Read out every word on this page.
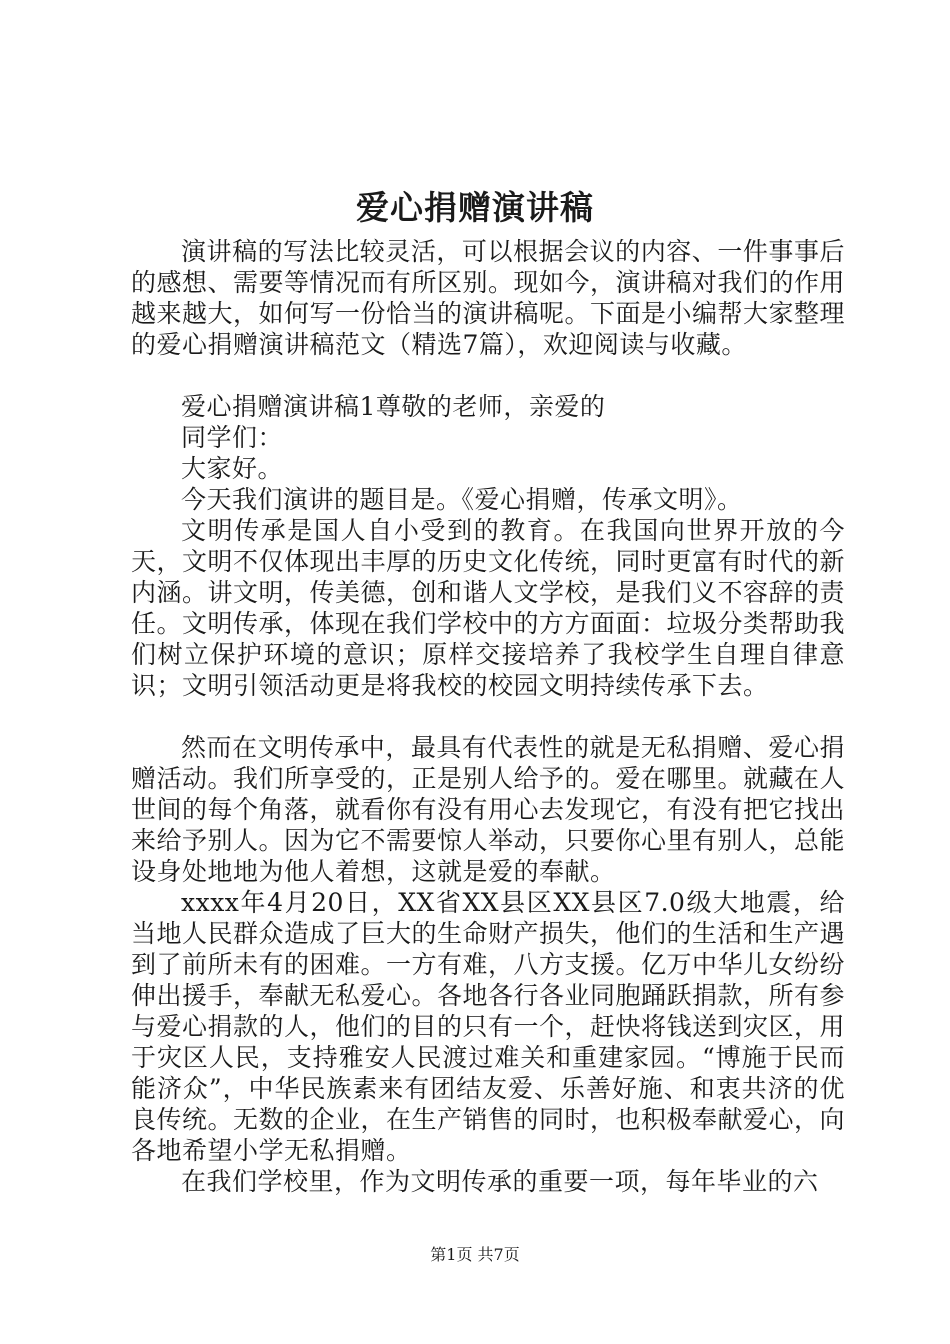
爱心捐赠演讲稿

演讲稿的写法比较灵活，可以根据会议的内容、一件事事后的感想、需要等情况而有所区别。现如今，演讲稿对我们的作用越来越大，如何写一份恰当的演讲稿呢。下面是小编帮大家整理的爱心捐赠演讲稿范文（精选7篇），欢迎阅读与收藏。

爱心捐赠演讲稿1尊敬的老师，亲爱的
同学们：
大家好。
今天我们演讲的题目是。《爱心捐赠，传承文明》。

文明传承是国人自小受到的教育。在我国向世界开放的今天，文明不仅体现出丰厚的历史文化传统，同时更富有时代的新内涵。讲文明，传美德，创和谐人文学校，是我们义不容辞的责任。文明传承，体现在我们学校中的方方面面：垃圾分类帮助我们树立保护环境的意识；原样交接培养了我校学生自理自律意识；文明引领活动更是将我校的校园文明持续传承下去。

然而在文明传承中，最具有代表性的就是无私捐赠、爱心捐赠活动。我们所享受的，正是别人给予的。爱在哪里。就藏在人世间的每个角落，就看你有没有用心去发现它，有没有把它找出来给予别人。因为它不需要惊人举动，只要你心里有别人，总能设身处地地为他人着想，这就是爱的奉献。

xxxx年4月20日，XX省XX县区XX县区7.0级大地震，给当地人民群众造成了巨大的生命财产损失，他们的生活和生产遇到了前所未有的困难。一方有难，八方支援。亿万中华儿女纷纷伸出援手，奉献无私爱心。各地各行各业同胞踊跃捐款，所有参与爱心捐款的人，他们的目的只有一个，赶快将钱送到灾区，用于灾区人民，支持雅安人民渡过难关和重建家园。“博施于民而能济众”，中华民族素来有团结友爱、乐善好施、和衷共济的优良传统。无数的企业，在生产销售的同时，也积极奉献爱心，向各地希望小学无私捐赠。

在我们学校里，作为文明传承的重要一项，每年毕业的六

第1页 共7页
